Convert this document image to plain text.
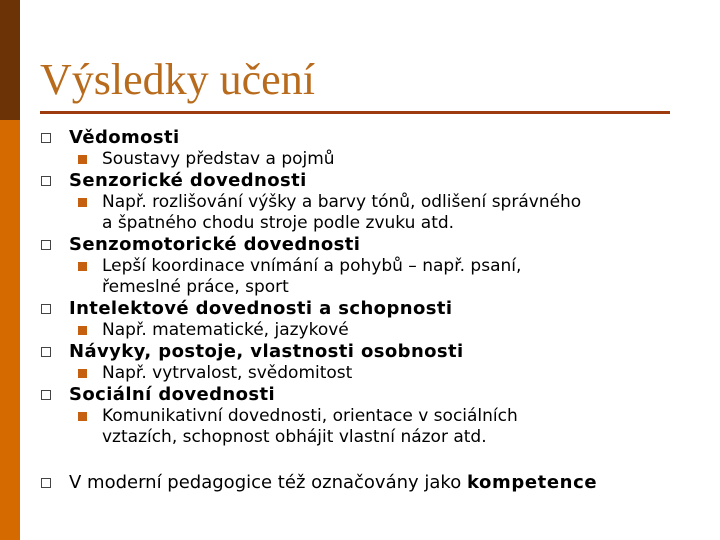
Výsledky učení
Vědomosti
Soustavy představ a pojmů
Senzorické dovednosti
Např. rozlišování výšky a barvy tónů, odlišení správného
a špatného chodu stroje podle zvuku atd.
Senzomotorické dovednosti
Lepší koordinace vnímání a pohybů – např. psaní,
řemeslné práce, sport
Intelektové dovednosti a schopnosti
Např. matematické, jazykové
Návyky, postoje, vlastnosti osobnosti
Např. vytrvalost, svědomitost
Sociální dovednosti
Komunikativní dovednosti, orientace v sociálních
vztazích, schopnost obhájit vlastní názor atd.
V moderní pedagogice též označovány jako kompetence
